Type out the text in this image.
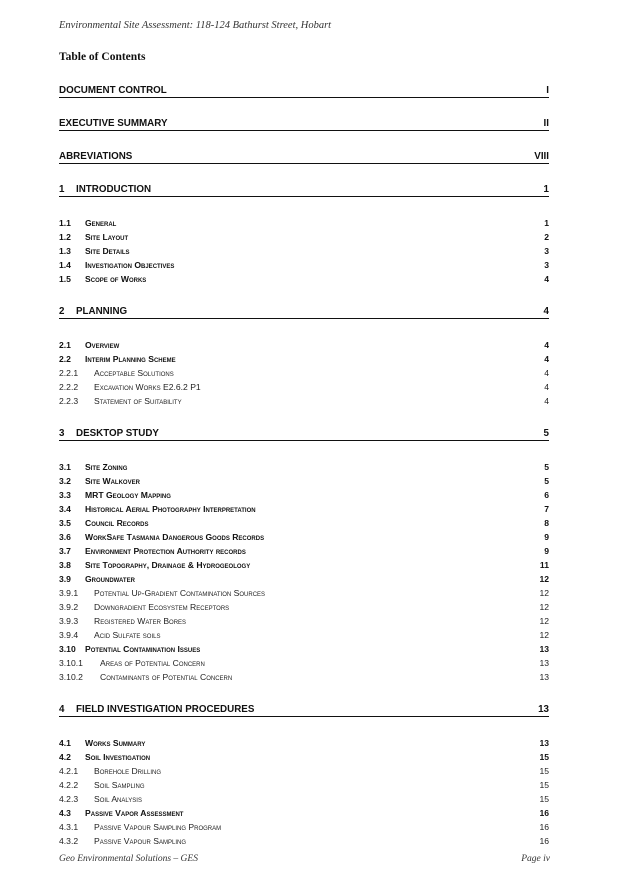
Environmental Site Assessment: 118-124 Bathurst Street, Hobart
Table of Contents
DOCUMENT CONTROL	I
EXECUTIVE SUMMARY	II
ABREVIATIONS	VIII
1 INTRODUCTION	1
1.1 General	1
1.2 Site Layout	2
1.3 Site Details	3
1.4 Investigation Objectives	3
1.5 Scope of Works	4
2 PLANNING	4
2.1 Overview	4
2.2 Interim Planning Scheme	4
2.2.1 Acceptable Solutions	4
2.2.2 Excavation Works E2.6.2 P1	4
2.2.3 Statement of Suitability	4
3 DESKTOP STUDY	5
3.1 Site Zoning	5
3.2 Site Walkover	5
3.3 MRT Geology Mapping	6
3.4 Historical Aerial Photography Interpretation	7
3.5 Council Records	8
3.6 WorkSafe Tasmania Dangerous Goods Records	9
3.7 Environment Protection Authority records	9
3.8 Site Topography, Drainage & Hydrogeology	11
3.9 Groundwater	12
3.9.1 Potential Up-Gradient Contamination Sources	12
3.9.2 Downgradient Ecosystem Receptors	12
3.9.3 Registered Water Bores	12
3.9.4 Acid Sulfate soils	12
3.10 Potential Contamination Issues	13
3.10.1 Areas of Potential Concern	13
3.10.2 Contaminants of Potential Concern	13
4 FIELD INVESTIGATION PROCEDURES	13
4.1 Works Summary	13
4.2 Soil Investigation	15
4.2.1 Borehole Drilling	15
4.2.2 Soil Sampling	15
4.2.3 Soil Analysis	15
4.3 Passive Vapor Assessment	16
4.3.1 Passive Vapour Sampling Program	16
4.3.2 Passive Vapour Sampling	16
Geo Environmental Solutions – GES	Page iv
